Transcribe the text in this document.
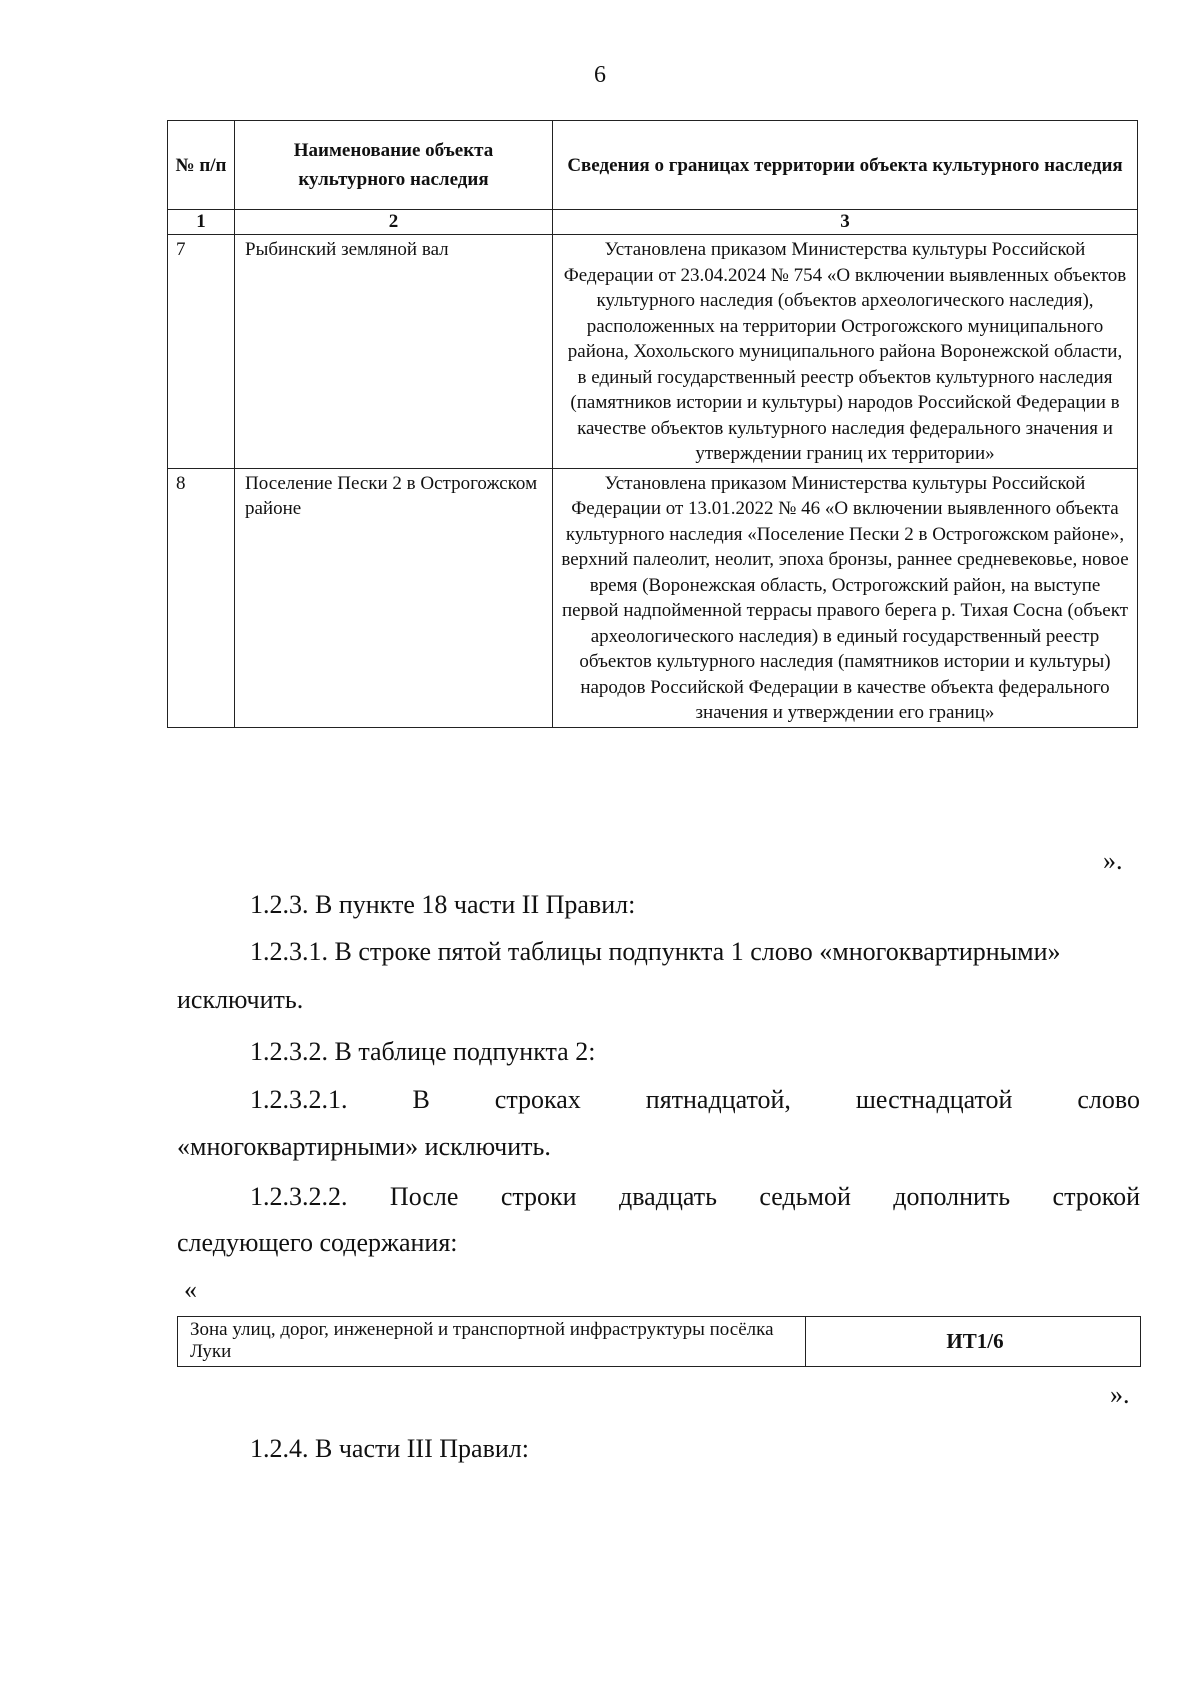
6
№ п/п	Наименование объекта культурного наследия	Сведения о границах территории объекта культурного наследия
1	2	3
7	Рыбинский земляной вал	Установлена приказом Министерства культуры Российской Федерации от 23.04.2024 № 754 «О включении выявленных объектов культурного наследия (объектов археологического наследия), расположенных на территории Острогожского муниципального района, Хохольского муниципального района Воронежской области, в единый государственный реестр объектов культурного наследия (памятников истории и культуры) народов Российской Федерации в качестве объектов культурного наследия федерального значения и утверждении границ их территории»
8	Поселение Пески 2 в Острогожском районе	Установлена приказом Министерства культуры Российской Федерации от 13.01.2022 № 46 «О включении выявленного объекта культурного наследия «Поселение Пески 2 в Острогожском районе», верхний палеолит, неолит, эпоха бронзы, раннее средневековье, новое время (Воронежская область, Острогожский район, на выступе первой надпойменной террасы правого берега р. Тихая Сосна (объект археологического наследия) в единый государственный реестр объектов культурного наследия (памятников истории и культуры) народов Российской Федерации в качестве объекта федерального значения и утверждении его границ»
».

1.2.3. В пункте 18 части II Правил:

1.2.3.1. В строке пятой таблицы подпункта 1 слово «многоквартирными»

исключить.

1.2.3.2. В таблице подпункта 2:

1.2.3.2.1. В строках пятнадцатой, шестнадцатой слово

«многоквартирными» исключить.

1.2.3.2.2. После строки двадцать седьмой дополнить строкой

следующего содержания:

«

Зона улиц, дорог, инженерной и транспортной инфраструктуры посёлка Луки	ИТ1/6
».

1.2.4. В части III Правил:
